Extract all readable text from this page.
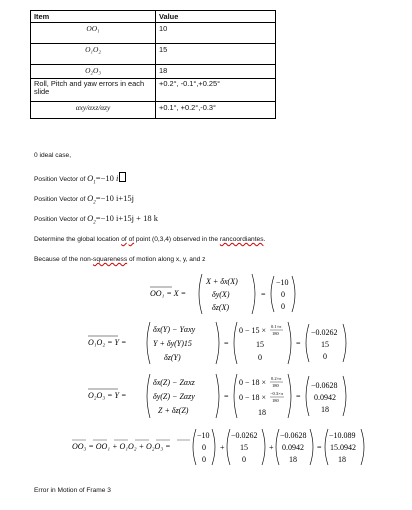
Item	Value
OO₁	10
O₁O₂	15
O₂O₃	18
Roll, Pitch and yaw errors in each slide	+0.2°, -0.1°,+0.25°
αxy/αxz/αzy	+0.1°, +0.2°,-0.3°
0 ideal case,
Position Vector of $O_1=-10$ i
Position Vector of $O_2=-10$ i+15j
Position Vector of $O_2=-10$ i+15j + 18 k
Determine the global location of of point (0,3,4) observed in the rancoordiantes.
Because of the non-squareness of motion along x, y, and z
OO₁ = X =
X + δx(X)
δy(X)
δz(X)
=
−10
0
0
O₁O₂ = Y =
δx(Y) − Yαxy
Y + δy(Y)15
δz(Y)
=
0 − 15 × 0.1×π
180
15
0
=
−0.0262
15
0
O₂O₃ = Y =
δx(Z) − Zαxz
δy(Z) − Zαzy
Z + δz(Z)
=
0 − 18 × 0.2×π
180
0 − 18 × −0.3×π
180
18
=
−0.0628
0.0942
18
OO₃ = OO₁ + O₁O₂ + O₂O₃ =
−10
0
0
+
−0.0262
15
0
+
−0.0628
0.0942
18
=
−10.089
15.0942
18
Error in Motion of Frame 3
